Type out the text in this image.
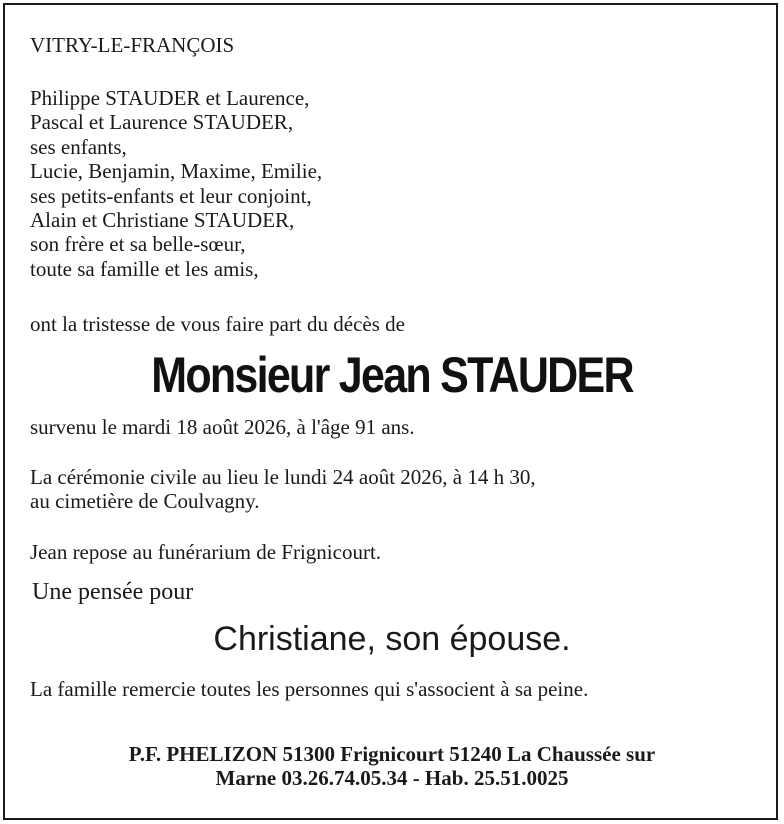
VITRY-LE-FRANÇOIS
Philippe STAUDER et Laurence,
Pascal et Laurence STAUDER,
ses enfants,
Lucie, Benjamin, Maxime, Emilie,
ses petits-enfants et leur conjoint,
Alain et Christiane STAUDER,
son frère et sa belle-sœur,
toute sa famille et les amis,
ont la tristesse de vous faire part du décès de
Monsieur Jean STAUDER
survenu le mardi 18 août 2026, à l'âge 91 ans.
La cérémonie civile au lieu le lundi 24 août 2026, à 14 h 30,
au cimetière de Coulvagny.
Jean repose au funérarium de Frignicourt.
Une pensée pour
Christiane, son épouse.
La famille remercie toutes les personnes qui s'associent à sa peine.
P.F. PHELIZON 51300 Frignicourt 51240 La Chaussée sur
Marne 03.26.74.05.34 - Hab. 25.51.0025
